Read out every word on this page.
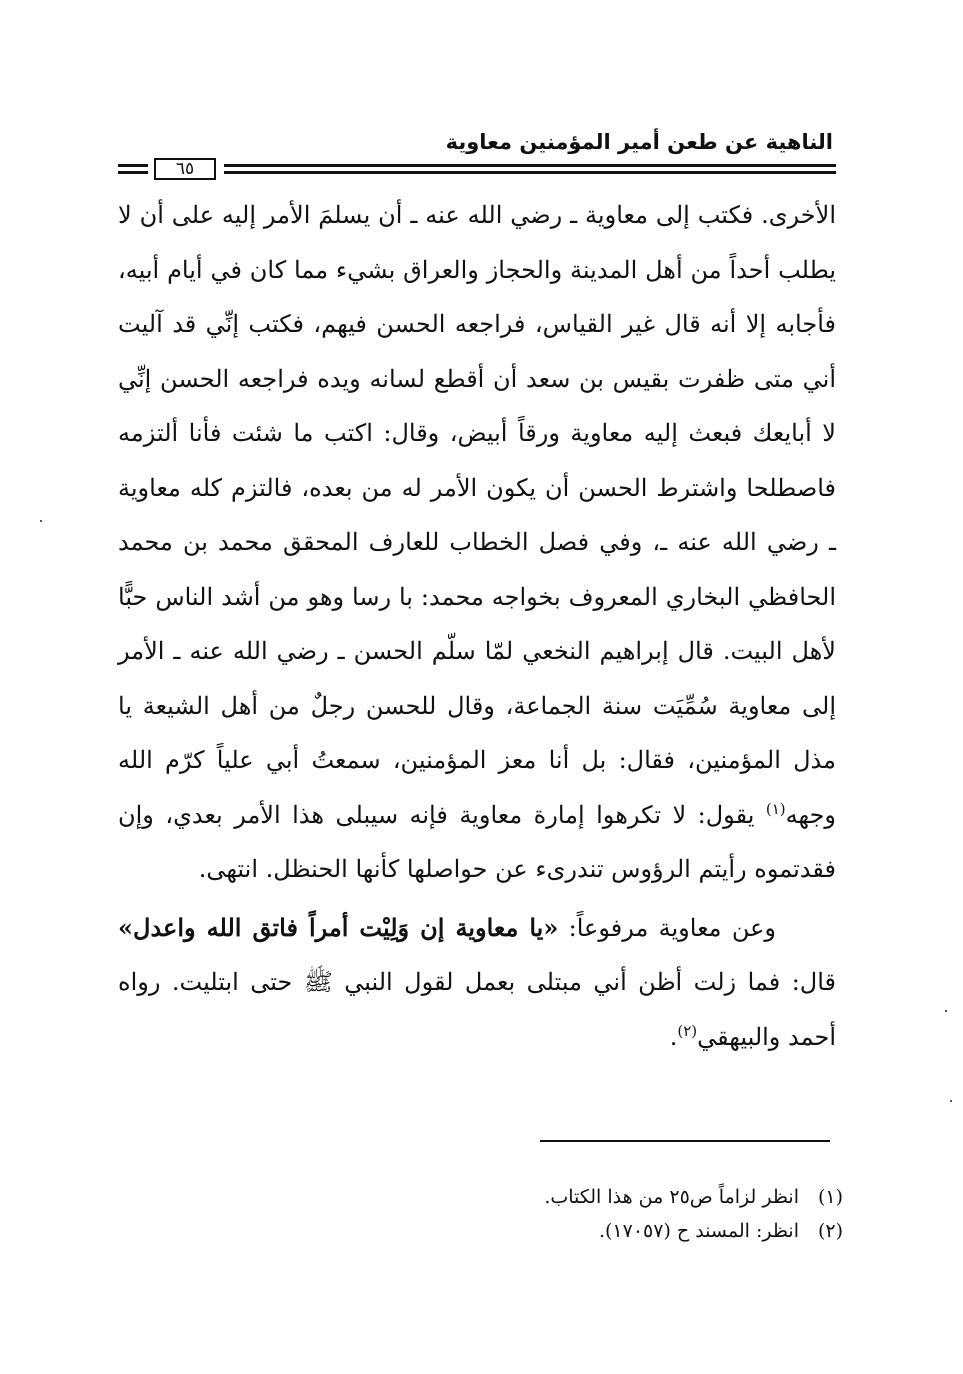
الناهية عن طعن أمير المؤمنين معاوية
٦٥

الأخرى. فكتب إلى معاوية ـ رضي الله عنه ـ أن يسلمَ الأمر إليه على أن لا يطلب أحداً من أهل المدينة والحجاز والعراق بشيء مما كان في أيام أبيه، فأجابه إلا أنه قال غير القياس، فراجعه الحسن فيهم، فكتب إنِّي قد آليت أني متى ظفرت بقيس بن سعد أن أقطع لسانه ويده فراجعه الحسن إنِّي لا أبايعك فبعث إليه معاوية ورقاً أبيض، وقال: اكتب ما شئت فأنا ألتزمه فاصطلحا واشترط الحسن أن يكون الأمر له من بعده، فالتزم كله معاوية ـ رضي الله عنه ـ، وفي فصل الخطاب للعارف المحقق محمد بن محمد الحافظي البخاري المعروف بخواجه محمد: با رسا وهو من أشد الناس حبًّا لأهل البيت. قال إبراهيم النخعي لمّا سلّم الحسن ـ رضي الله عنه ـ الأمر إلى معاوية سُمِّيَت سنة الجماعة، وقال للحسن رجلٌ من أهل الشيعة يا مذل المؤمنين، فقال: بل أنا معز المؤمنين، سمعتُ أبي علياً كرّم الله وجهه$^{(١)}$ يقول: لا تكرهوا إمارة معاوية فإنه سيبلى هذا الأمر بعدي، وإن فقدتموه رأيتم الرؤوس تندرىء عن حواصلها كأنها الحنظل. انتهى.

وعن معاوية مرفوعاً: «يا معاوية إن وَلِيْت أمراً فاتق الله واعدل» قال: فما زلت أظن أني مبتلى بعمل لقول النبي ﷺ حتى ابتليت. رواه أحمد والبيهقي$^{(٢)}$.

(١)انظر لزاماً ص٢٥ من هذا الكتاب.
(٢)انظر: المسند ح (١٧٠٥٧).
